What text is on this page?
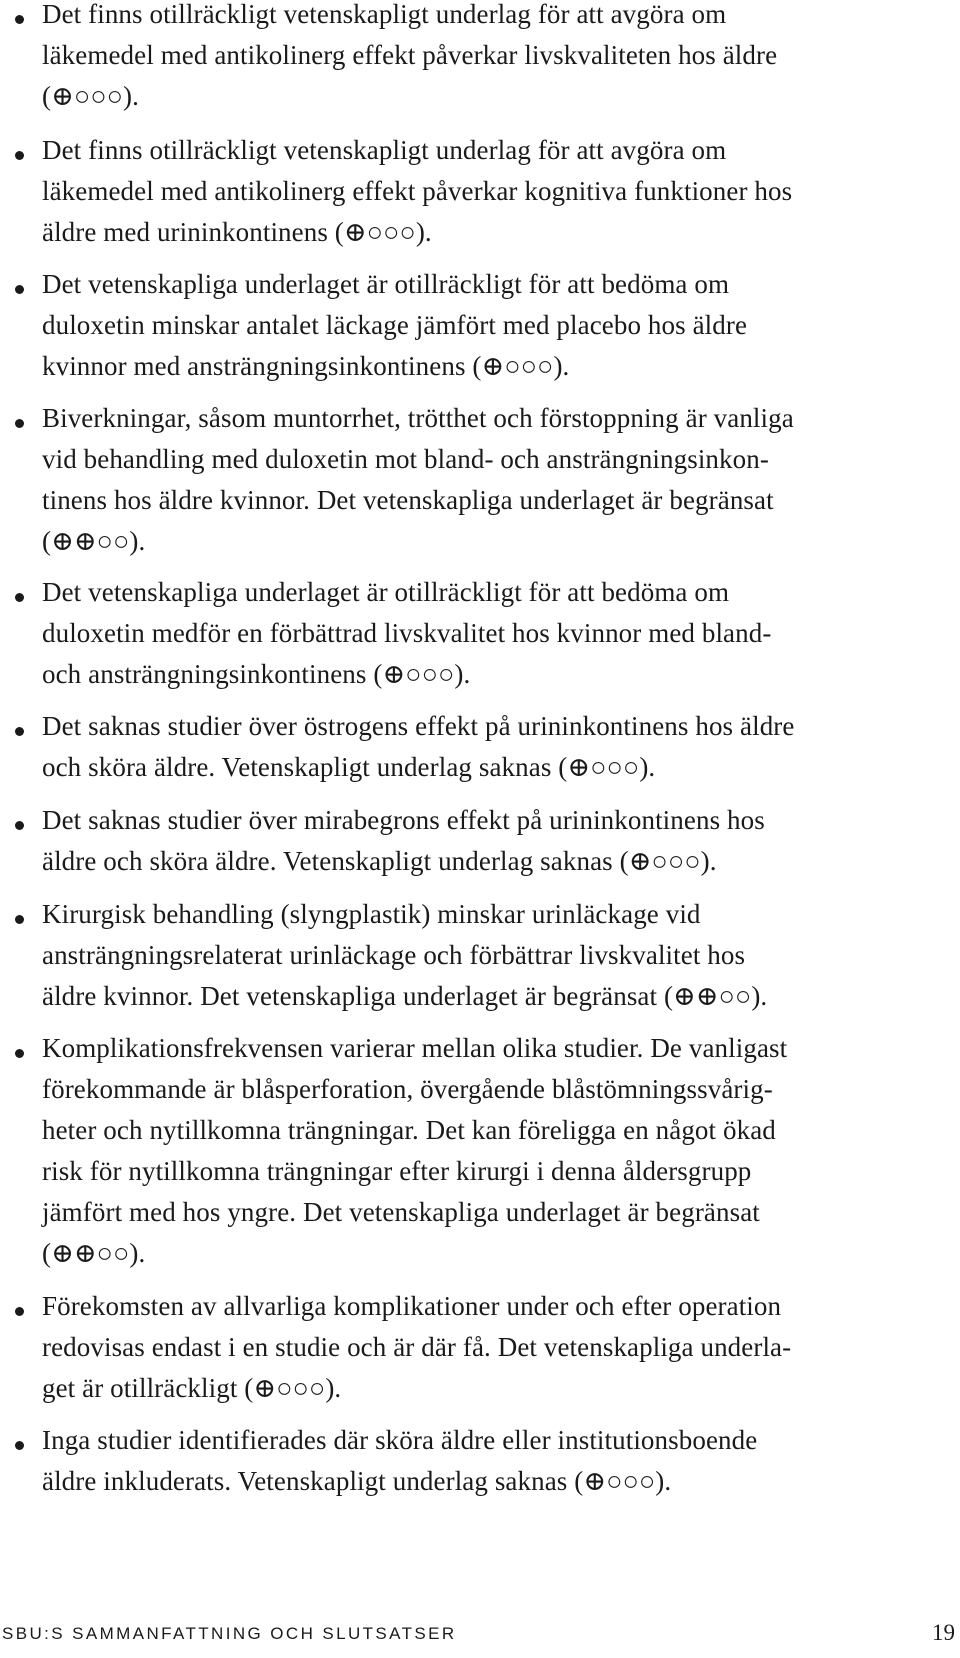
Det finns otillräckligt vetenskapligt underlag för att avgöra om
läkemedel med antikolinerg effekt påverkar livskvaliteten hos äldre
(⊕○○○).

Det finns otillräckligt vetenskapligt underlag för att avgöra om
läkemedel med antikolinerg effekt påverkar kognitiva funktioner hos
äldre med urininkontinens (⊕○○○).

Det vetenskapliga underlaget är otillräckligt för att bedöma om
duloxetin minskar antalet läckage jämfört med placebo hos äldre
kvinnor med ansträngningsinkontinens (⊕○○○).

Biverkningar, såsom muntorrhet, trötthet och förstoppning är vanliga
vid behandling med duloxetin mot bland- och ansträngningsinkon-
tinens hos äldre kvinnor. Det vetenskapliga underlaget är begränsat
(⊕⊕○○).

Det vetenskapliga underlaget är otillräckligt för att bedöma om
duloxetin medför en förbättrad livskvalitet hos kvinnor med bland-
och ansträngningsinkontinens (⊕○○○).

Det saknas studier över östrogens effekt på urininkontinens hos äldre
och sköra äldre. Vetenskapligt underlag saknas (⊕○○○).

Det saknas studier över mirabegrons effekt på urininkontinens hos
äldre och sköra äldre. Vetenskapligt underlag saknas (⊕○○○).

Kirurgisk behandling (slyngplastik) minskar urinläckage vid
ansträngningsrelaterat urinläckage och förbättrar livskvalitet hos
äldre kvinnor. Det vetenskapliga underlaget är begränsat (⊕⊕○○).

Komplikationsfrekvensen varierar mellan olika studier. De vanligast
förekommande är blåsperforation, övergående blåstömningssvårig-
heter och nytillkomna trängningar. Det kan föreligga en något ökad
risk för nytillkomna trängningar efter kirurgi i denna åldersgrupp
jämfört med hos yngre. Det vetenskapliga underlaget är begränsat
(⊕⊕○○).

Förekomsten av allvarliga komplikationer under och efter operation
redovisas endast i en studie och är där få. Det vetenskapliga underla-
get är otillräckligt (⊕○○○).

Inga studier identifierades där sköra äldre eller institutionsboende
äldre inkluderats. Vetenskapligt underlag saknas (⊕○○○).

SBU:S SAMMANFATTNING OCH SLUTSATSER	19
